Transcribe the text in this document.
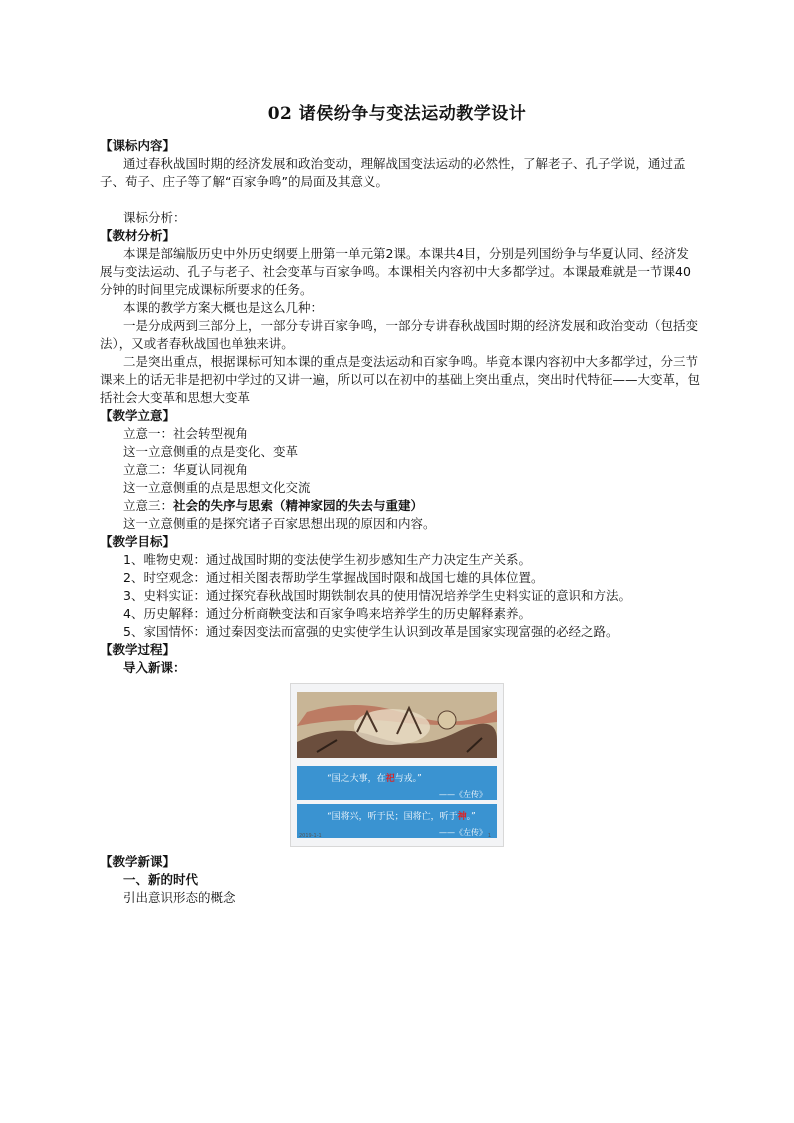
02 诸侯纷争与变法运动教学设计

【课标内容】

通过春秋战国时期的经济发展和政治变动，理解战国变法运动的必然性，了解老子、孔子学说，通过孟子、荀子、庄子等了解“百家争鸣”的局面及其意义。

课标分析：

【教材分析】

本课是部编版历史中外历史纲要上册第一单元第2课。本课共4目，分别是列国纷争与华夏认同、经济发展与变法运动、孔子与老子、社会变革与百家争鸣。本课相关内容初中大多都学过。本课最难就是一节课40分钟的时间里完成课标所要求的任务。

本课的教学方案大概也是这么几种：

一是分成两到三部分上，一部分专讲百家争鸣，一部分专讲春秋战国时期的经济发展和政治变动（包括变法），又或者春秋战国也单独来讲。

二是突出重点，根据课标可知本课的重点是变法运动和百家争鸣。毕竟本课内容初中大多都学过，分三节课来上的话无非是把初中学过的又讲一遍，所以可以在初中的基础上突出重点，突出时代特征——大变革，包括社会大变革和思想大变革

【教学立意】

立意一：社会转型视角

这一立意侧重的点是变化、变革

立意二：华夏认同视角

这一立意侧重的点是思想文化交流

立意三：社会的失序与思索（精神家园的失去与重建）

这一立意侧重的是探究诸子百家思想出现的原因和内容。

【教学目标】

1、唯物史观：通过战国时期的变法使学生初步感知生产力决定生产关系。

2、时空观念：通过相关图表帮助学生掌握战国时限和战国七雄的具体位置。

3、史料实证：通过探究春秋战国时期铁制农具的使用情况培养学生史料实证的意识和方法。

4、历史解释：通过分析商鞅变法和百家争鸣来培养学生的历史解释素养。

5、家国情怀：通过秦因变法而富强的史实使学生认识到改革是国家实现富强的必经之路。

【教学过程】

导入新课：

“国之大事，在祀与戎。”
——《左传》
“国将兴，听于民；国将亡，听于神。”
——《左传》
2019-1-1	1

【教学新课】

一、新的时代

引出意识形态的概念
